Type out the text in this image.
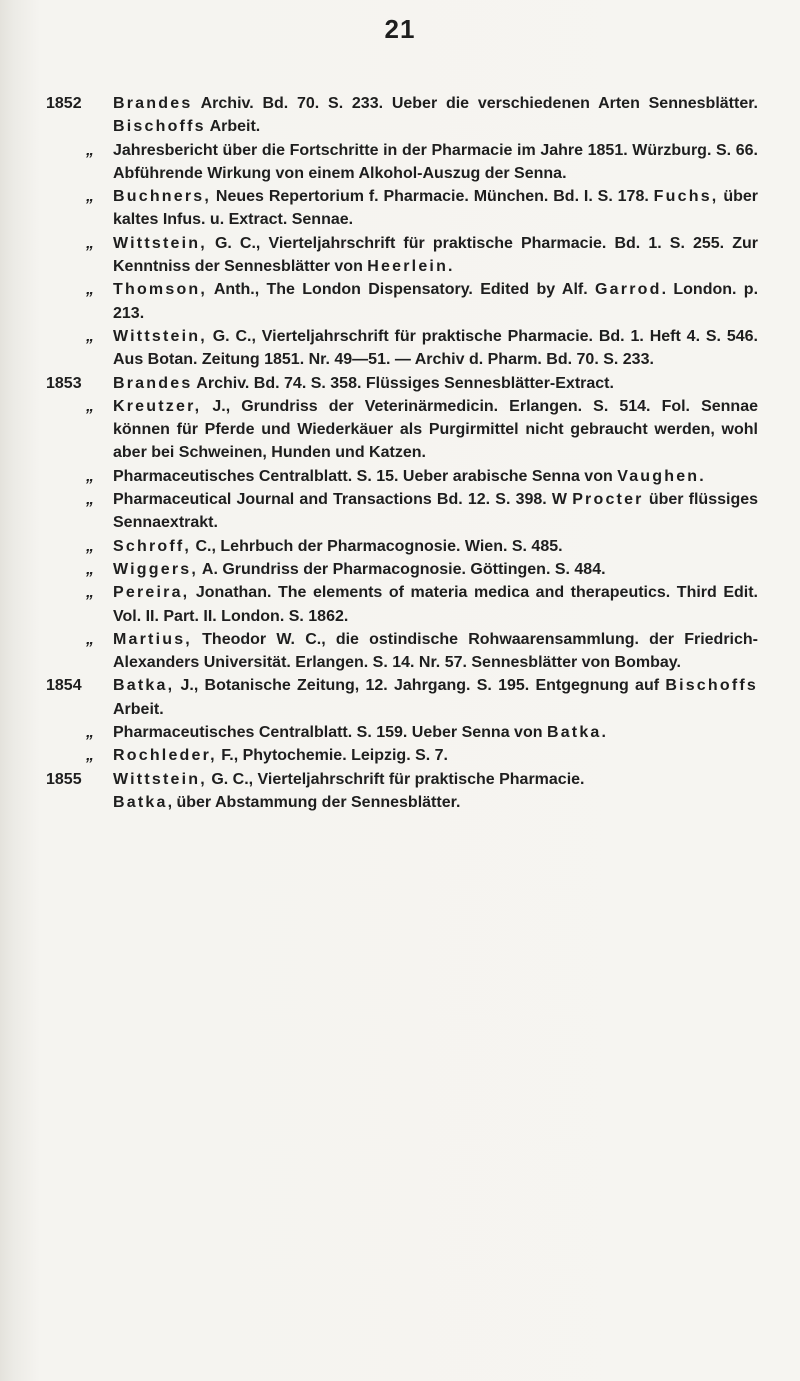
21
1852	Brandes Archiv. Bd. 70. S. 233. Ueber die verschiedenen Arten Sennesblätter. Bischoffs Arbeit.
„	Jahresbericht über die Fortschritte in der Pharmacie im Jahre 1851. Würzburg. S. 66. Abführende Wirkung von einem Alkohol-Auszug der Senna.
„	Buchners, Neues Repertorium f. Pharmacie. München. Bd. I. S. 178. Fuchs, über kaltes Infus. u. Extract. Sennae.
„	Wittstein, G. C., Vierteljahrschrift für praktische Pharmacie. Bd. 1. S. 255. Zur Kenntniss der Sennesblätter von Heerlein.
„	Thomson, Anth., The London Dispensatory. Edited by Alf. Garrod. London. p. 213.
„	Wittstein, G. C., Vierteljahrschrift für praktische Pharmacie. Bd. 1. Heft 4. S. 546. Aus Botan. Zeitung 1851. Nr. 49—51. — Archiv d. Pharm. Bd. 70. S. 233.
1853	Brandes Archiv. Bd. 74. S. 358. Flüssiges Sennesblätter-Extract.
„	Kreutzer, J., Grundriss der Veterinärmedicin. Erlangen. S. 514. Fol. Sennae können für Pferde und Wiederkäuer als Purgirmittel nicht gebraucht werden, wohl aber bei Schweinen, Hunden und Katzen.
„	Pharmaceutisches Centralblatt. S. 15. Ueber arabische Senna von Vaughen.
„	Pharmaceutical Journal and Transactions Bd. 12. S. 398. W Procter über flüssiges Sennaextrakt.
„	Schroff, C., Lehrbuch der Pharmacognosie. Wien. S. 485.
„	Wiggers, A. Grundriss der Pharmacognosie. Göttingen. S. 484.
„	Pereira, Jonathan. The elements of materia medica and therapeutics. Third Edit. Vol. II. Part. II. London. S. 1862.
„	Martius, Theodor W. C., die ostindische Rohwaarensammlung. der Friedrich-Alexanders Universität. Erlangen. S. 14. Nr. 57. Sennesblätter von Bombay.
1854	Batka, J., Botanische Zeitung, 12. Jahrgang. S. 195. Entgegnung auf Bischoffs Arbeit.
„	Pharmaceutisches Centralblatt. S. 159. Ueber Senna von Batka.
„	Rochleder, F., Phytochemie. Leipzig. S. 7.
1855	Wittstein, G. C., Vierteljahrschrift für praktische Pharmacie.
Batka, über Abstammung der Sennesblätter.
